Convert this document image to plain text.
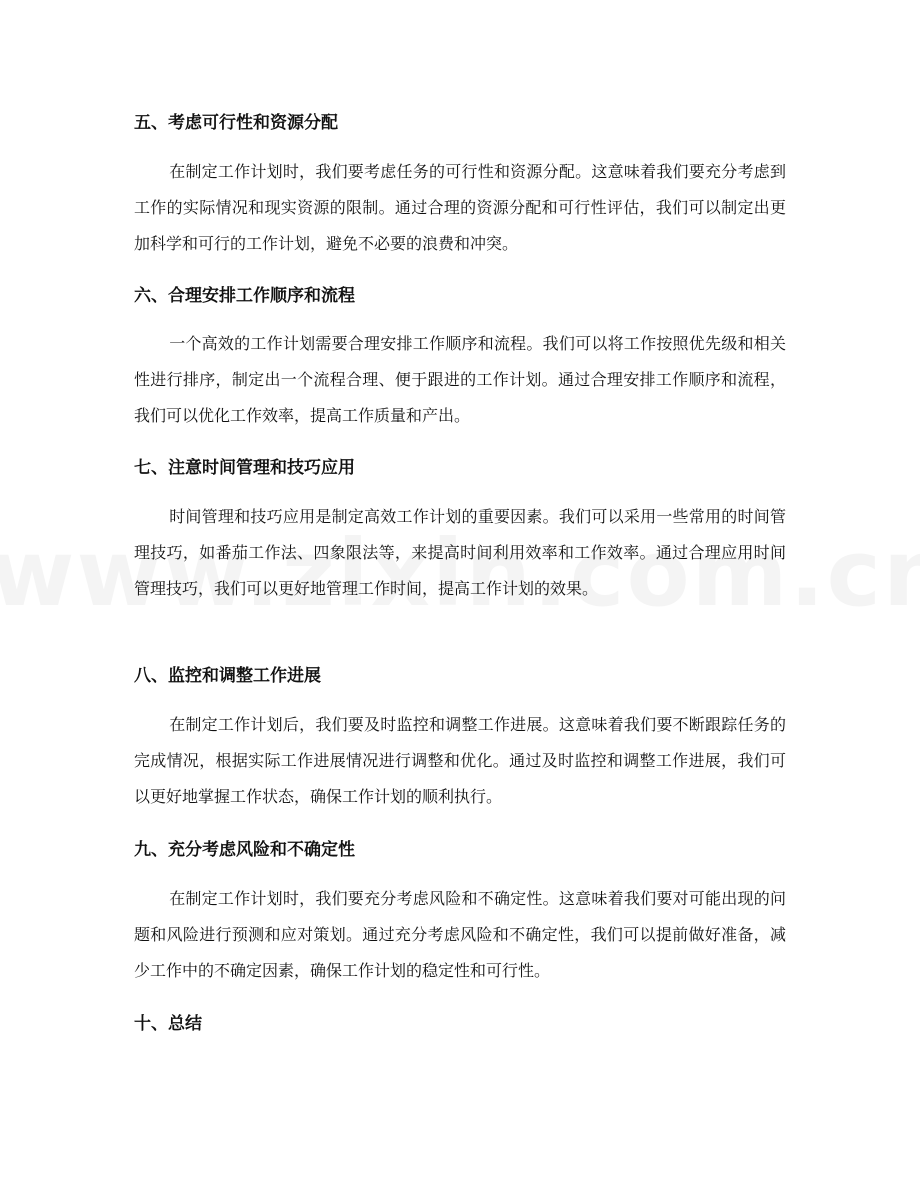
五、考虑可行性和资源分配

在制定工作计划时，我们要考虑任务的可行性和资源分配。这意味着我们要充分考虑到工作的实际情况和现实资源的限制。通过合理的资源分配和可行性评估，我们可以制定出更加科学和可行的工作计划，避免不必要的浪费和冲突。

六、合理安排工作顺序和流程

一个高效的工作计划需要合理安排工作顺序和流程。我们可以将工作按照优先级和相关性进行排序，制定出一个流程合理、便于跟进的工作计划。通过合理安排工作顺序和流程，我们可以优化工作效率，提高工作质量和产出。

七、注意时间管理和技巧应用

时间管理和技巧应用是制定高效工作计划的重要因素。我们可以采用一些常用的时间管理技巧，如番茄工作法、四象限法等，来提高时间利用效率和工作效率。通过合理应用时间管理技巧，我们可以更好地管理工作时间，提高工作计划的效果。

八、监控和调整工作进展

在制定工作计划后，我们要及时监控和调整工作进展。这意味着我们要不断跟踪任务的完成情况，根据实际工作进展情况进行调整和优化。通过及时监控和调整工作进展，我们可以更好地掌握工作状态，确保工作计划的顺利执行。

九、充分考虑风险和不确定性

在制定工作计划时，我们要充分考虑风险和不确定性。这意味着我们要对可能出现的问题和风险进行预测和应对策划。通过充分考虑风险和不确定性，我们可以提前做好准备，减少工作中的不确定因素，确保工作计划的稳定性和可行性。

十、总结
